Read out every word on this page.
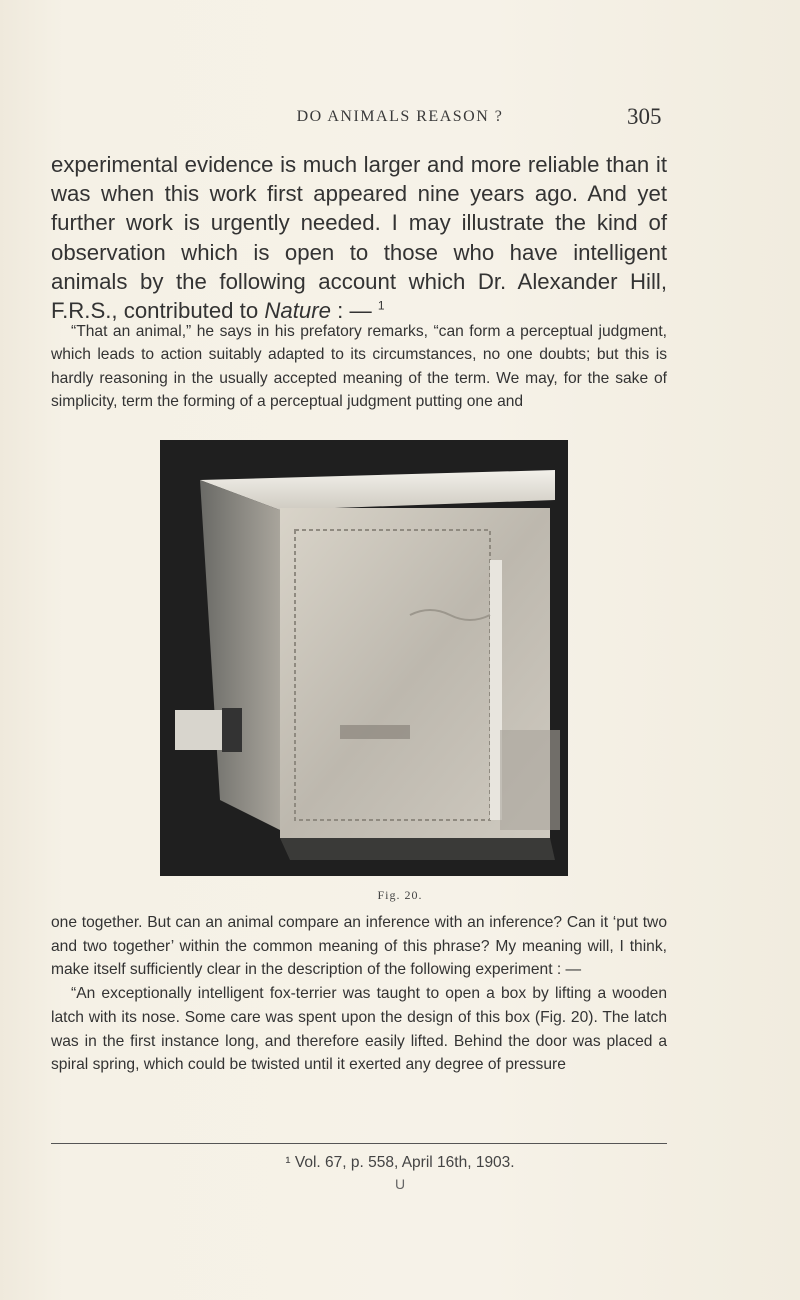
DO ANIMALS REASON ?	305

experimental evidence is much larger and more reliable than it was when this work first appeared nine years ago. And yet further work is urgently needed. I may illustrate the kind of observation which is open to those who have intelligent animals by the following account which Dr. Alexander Hill, F.R.S., contributed to Nature : — $^1$

“That an animal,” he says in his prefatory remarks, “can form a perceptual judgment, which leads to action suitably adapted to its circumstances, no one doubts; but this is hardly reasoning in the usually accepted meaning of the term. We may, for the sake of simplicity, term the forming of a perceptual judgment putting one and

Fig. 20.

one together. But can an animal compare an inference with an inference? Can it ‘put two and two together’ within the common meaning of this phrase? My meaning will, I think, make itself sufficiently clear in the description of the following experiment : —

“An exceptionally intelligent fox-terrier was taught to open a box by lifting a wooden latch with its nose. Some care was spent upon the design of this box (Fig. 20). The latch was in the first instance long, and therefore easily lifted. Behind the door was placed a spiral spring, which could be twisted until it exerted any degree of pressure

¹ Vol. 67, p. 558, April 16th, 1903.
U
